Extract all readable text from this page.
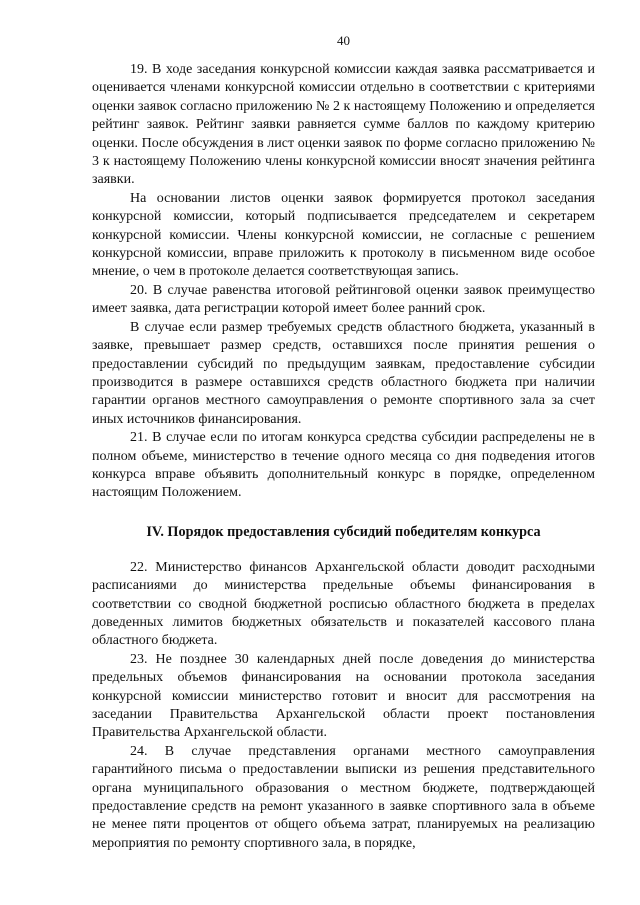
40

19. В ходе заседания конкурсной комиссии каждая заявка рассматривается и оценивается членами конкурсной комиссии отдельно в соответствии с критериями оценки заявок согласно приложению № 2 к настоящему Положению и определяется рейтинг заявок. Рейтинг заявки равняется сумме баллов по каждому критерию оценки. После обсуждения в лист оценки заявок по форме согласно приложению № 3 к настоящему Положению члены конкурсной комиссии вносят значения рейтинга заявки.

На основании листов оценки заявок формируется протокол заседания конкурсной комиссии, который подписывается председателем и секретарем конкурсной комиссии. Члены конкурсной комиссии, не согласные с решением конкурсной комиссии, вправе приложить к протоколу в письменном виде особое мнение, о чем в протоколе делается соответствующая запись.

20. В случае равенства итоговой рейтинговой оценки заявок преимущество имеет заявка, дата регистрации которой имеет более ранний срок.

В случае если размер требуемых средств областного бюджета, указанный в заявке, превышает размер средств, оставшихся после принятия решения о предоставлении субсидий по предыдущим заявкам, предоставление субсидии производится в размере оставшихся средств областного бюджета при наличии гарантии органов местного самоуправления о ремонте спортивного зала за счет иных источников финансирования.

21. В случае если по итогам конкурса средства субсидии распределены не в полном объеме, министерство в течение одного месяца со дня подведения итогов конкурса вправе объявить дополнительный конкурс в порядке, определенном настоящим Положением.

IV. Порядок предоставления субсидий победителям конкурса

22. Министерство финансов Архангельской области доводит расходными расписаниями до министерства предельные объемы финансирования в соответствии со сводной бюджетной росписью областного бюджета в пределах доведенных лимитов бюджетных обязательств и показателей кассового плана областного бюджета.

23. Не позднее 30 календарных дней после доведения до министерства предельных объемов финансирования на основании протокола заседания конкурсной комиссии министерство готовит и вносит для рассмотрения на заседании Правительства Архангельской области проект постановления Правительства Архангельской области.

24. В случае представления органами местного самоуправления гарантийного письма о предоставлении выписки из решения представительного органа муниципального образования о местном бюджете, подтверждающей предоставление средств на ремонт указанного в заявке спортивного зала в объеме не менее пяти процентов от общего объема затрат, планируемых на реализацию мероприятия по ремонту спортивного зала, в порядке,
